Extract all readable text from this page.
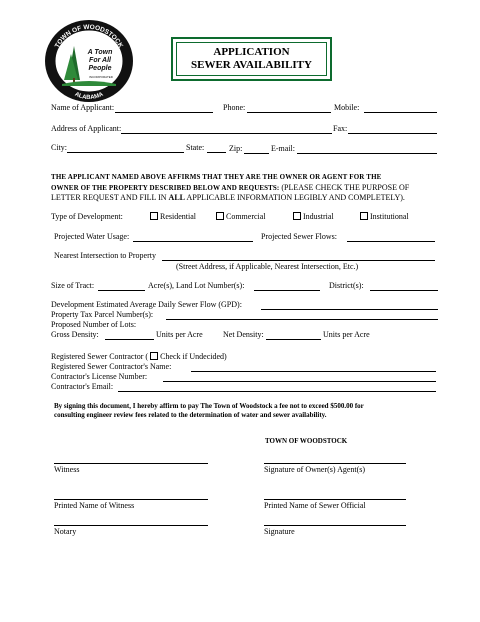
TOWN OF WOODSTOCK
ALABAMA
A Town
For All
People
INCORPORATED
APPLICATION
SEWER AVAILABILITY
Name of Applicant:	Phone:	Mobile:
Address of Applicant:	Fax:
City:	State:	Zip:	E-mail:
THE APPLICANT NAMED ABOVE AFFIRMS THAT THEY ARE THE OWNER OR AGENT FOR THE
OWNER OF THE PROPERTY DESCRIBED BELOW AND REQUESTS: (PLEASE CHECK THE PURPOSE OF
LETTER REQUEST AND FILL IN ALL APPLICABLE INFORMATION LEGIBLY AND COMPLETELY).
Type of Development:	Residential	Commercial	Industrial	Institutional
Projected Water Usage:	Projected Sewer Flows:
Nearest Intersection to Property
(Street Address, if Applicable, Nearest Intersection, Etc.)
Size of Tract:	Acre(s), Land Lot Number(s):	District(s):
Development Estimated Average Daily Sewer Flow (GPD):
Property Tax Parcel Number(s):
Proposed Number of Lots:
Gross Density:	Units per Acre	Net Density:	Units per Acre
Registered Sewer Contractor ( Check if Undecided)
Registered Sewer Contractor's Name:
Contractor's License Number:
Contractor's Email:
By signing this document, I hereby affirm to pay The Town of Woodstock a fee not to exceed $500.00 for
consulting engineer review fees related to the determination of water and sewer availability.
TOWN OF WOODSTOCK
Witness	Signature of Owner(s) Agent(s)
Printed Name of Witness	Printed Name of Sewer Official
Notary	Signature
